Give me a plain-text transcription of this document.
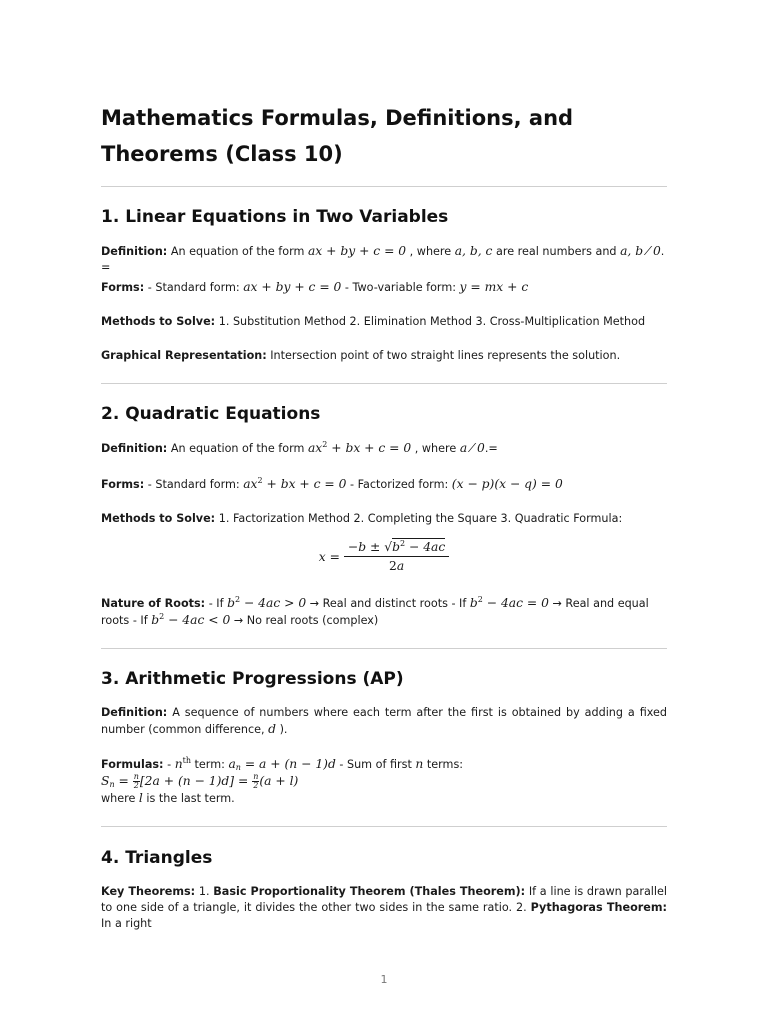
Mathematics Formulas, Definitions, and Theorems (Class 10)
1. Linear Equations in Two Variables

Definition: An equation of the form ax + by + c = 0 , where a, b, c are real numbers and a, b ⁄ 0. =

Forms: - Standard form: ax + by + c = 0 - Two-variable form: y = mx + c

Methods to Solve: 1. Substitution Method 2. Elimination Method 3. Cross-Multiplication Method

Graphical Representation: Intersection point of two straight lines represents the solution.

2. Quadratic Equations

Definition: An equation of the form $ax^2$ + bx + c = 0 , where a ⁄ 0.=

Forms: - Standard form: $ax^2$ + bx + c = 0 - Factorized form: (x − p)(x − q) = 0

Methods to Solve: 1. Factorization Method 2. Completing the Square 3. Quadratic Formula:

$x = \frac{-b \pm √b^2 - 4ac}{2a}$

Nature of Roots: - If $b^2 - 4ac > 0$ → Real and distinct roots - If $b^2 - 4ac = 0$ → Real and equal roots - If $b^2 - 4ac < 0 \to No$ real roots (complex)

3. Arithmetic Progressions (AP)

Definition: A sequence of numbers where each term after the first is obtained by adding a fixed number (common difference, d ).

Formulas: - $n^{th}$ term: $a_n = a + (n - 1)d$ - Sum of first n terms:
$S_n = \frac{n}{2} [2a + (n - 1)d] = \frac{n}{2} (a + l)$
where l is the last term.

4. Triangles

Key Theorems: 1. Basic Proportionality Theorem (Thales Theorem): If a line is drawn parallel to one side of a triangle, it divides the other two sides in the same ratio. 2. Pythagoras Theorem: In a right

1
